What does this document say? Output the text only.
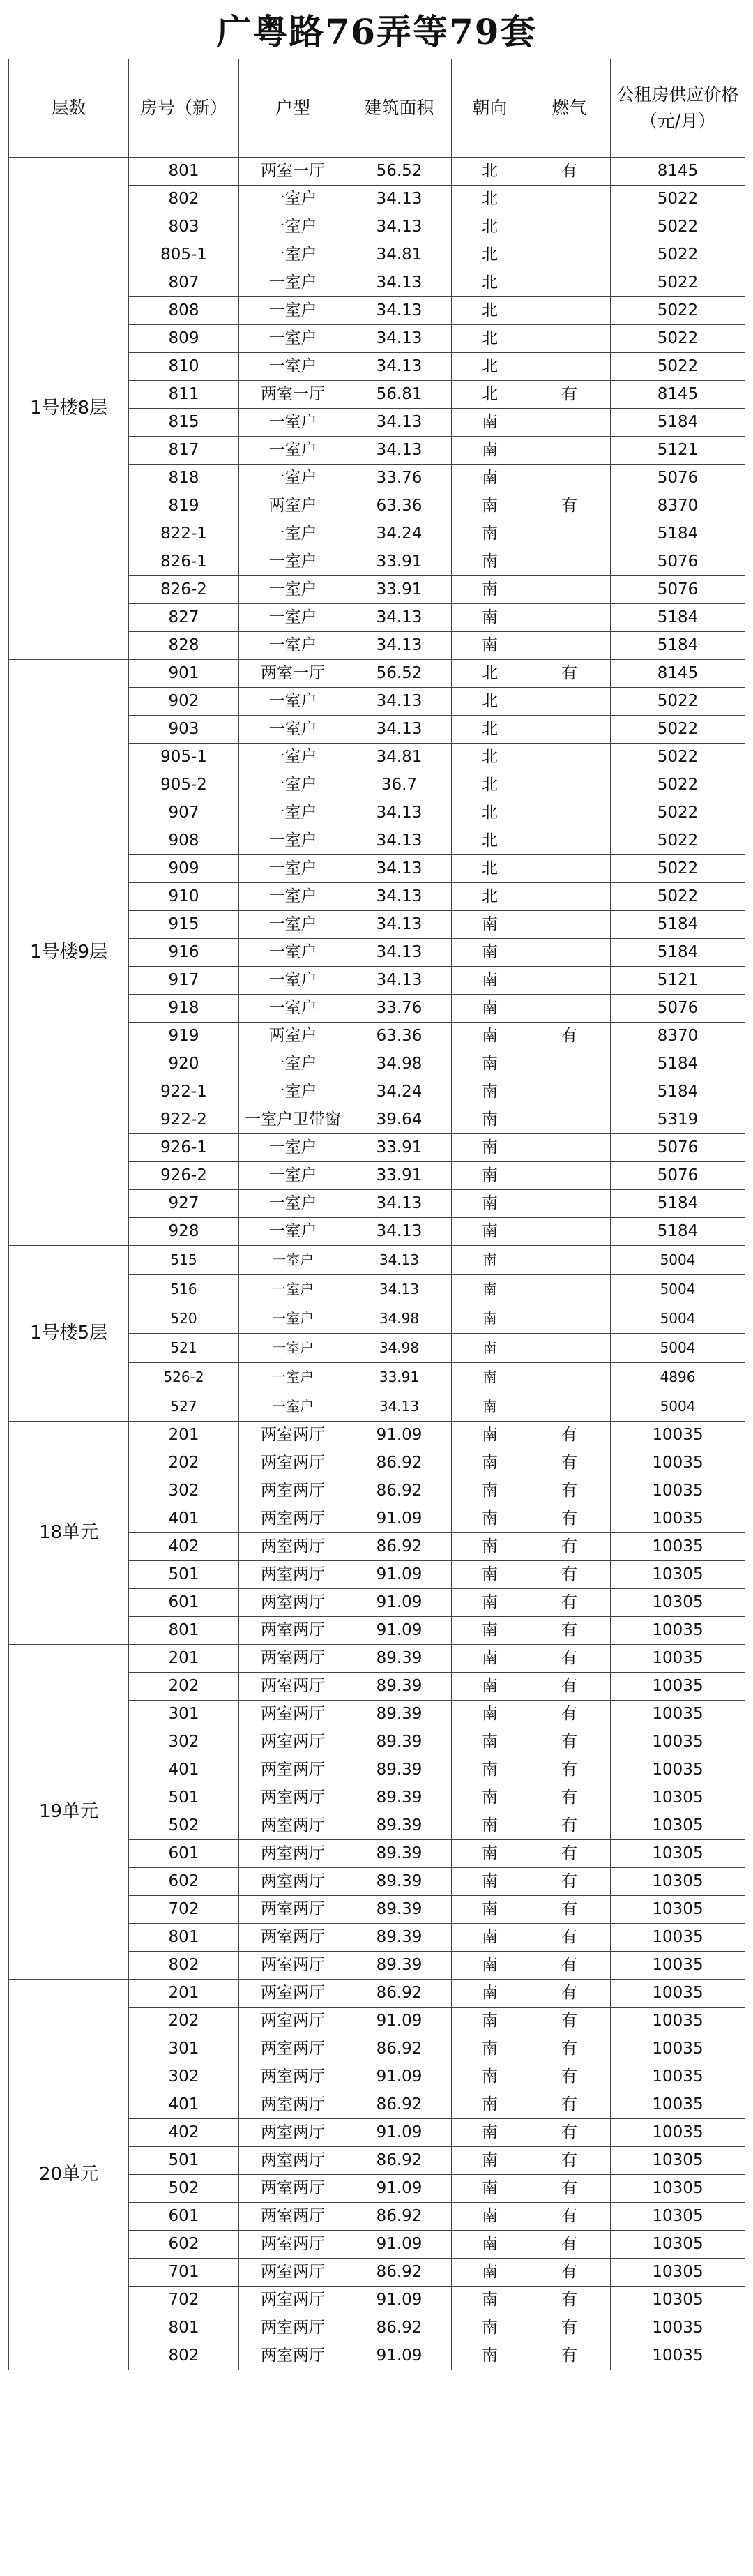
广粤路76弄等79套
层数	房号（新）	户型	建筑面积	朝向	燃气	公租房供应价格（元/月）
1号楼8层	801	两室一厅	56.52	北	有	8145
	802	一室户	34.13	北		5022
	803	一室户	34.13	北		5022
	805-1	一室户	34.81	北		5022
	807	一室户	34.13	北		5022
	808	一室户	34.13	北		5022
	809	一室户	34.13	北		5022
	810	一室户	34.13	北		5022
	811	两室一厅	56.81	北	有	8145
	815	一室户	34.13	南		5184
	817	一室户	34.13	南		5121
	818	一室户	33.76	南		5076
	819	两室户	63.36	南	有	8370
	822-1	一室户	34.24	南		5184
	826-1	一室户	33.91	南		5076
	826-2	一室户	33.91	南		5076
	827	一室户	34.13	南		5184
	828	一室户	34.13	南		5184
1号楼9层	901	两室一厅	56.52	北	有	8145
	902	一室户	34.13	北		5022
	903	一室户	34.13	北		5022
	905-1	一室户	34.81	北		5022
	905-2	一室户	36.7	北		5022
	907	一室户	34.13	北		5022
	908	一室户	34.13	北		5022
	909	一室户	34.13	北		5022
	910	一室户	34.13	北		5022
	915	一室户	34.13	南		5184
	916	一室户	34.13	南		5184
	917	一室户	34.13	南		5121
	918	一室户	33.76	南		5076
	919	两室户	63.36	南	有	8370
	920	一室户	34.98	南		5184
	922-1	一室户	34.24	南		5184
	922-2	一室户卫带窗	39.64	南		5319
	926-1	一室户	33.91	南		5076
	926-2	一室户	33.91	南		5076
	927	一室户	34.13	南		5184
	928	一室户	34.13	南		5184
1号楼5层	515	一室户	34.13	南		5004
	516	一室户	34.13	南		5004
	520	一室户	34.98	南		5004
	521	一室户	34.98	南		5004
	526-2	一室户	33.91	南		4896
	527	一室户	34.13	南		5004
18单元	201	两室两厅	91.09	南	有	10035
	202	两室两厅	86.92	南	有	10035
	302	两室两厅	86.92	南	有	10035
	401	两室两厅	91.09	南	有	10035
	402	两室两厅	86.92	南	有	10035
	501	两室两厅	91.09	南	有	10305
	601	两室两厅	91.09	南	有	10305
	801	两室两厅	91.09	南	有	10035
19单元	201	两室两厅	89.39	南	有	10035
	202	两室两厅	89.39	南	有	10035
	301	两室两厅	89.39	南	有	10035
	302	两室两厅	89.39	南	有	10035
	401	两室两厅	89.39	南	有	10035
	501	两室两厅	89.39	南	有	10305
	502	两室两厅	89.39	南	有	10305
	601	两室两厅	89.39	南	有	10305
	602	两室两厅	89.39	南	有	10305
	702	两室两厅	89.39	南	有	10305
	801	两室两厅	89.39	南	有	10035
	802	两室两厅	89.39	南	有	10035
20单元	201	两室两厅	86.92	南	有	10035
	202	两室两厅	91.09	南	有	10035
	301	两室两厅	86.92	南	有	10035
	302	两室两厅	91.09	南	有	10035
	401	两室两厅	86.92	南	有	10035
	402	两室两厅	91.09	南	有	10035
	501	两室两厅	86.92	南	有	10305
	502	两室两厅	91.09	南	有	10305
	601	两室两厅	86.92	南	有	10305
	602	两室两厅	91.09	南	有	10305
	701	两室两厅	86.92	南	有	10305
	702	两室两厅	91.09	南	有	10305
	801	两室两厅	86.92	南	有	10035
	802	两室两厅	91.09	南	有	10035
